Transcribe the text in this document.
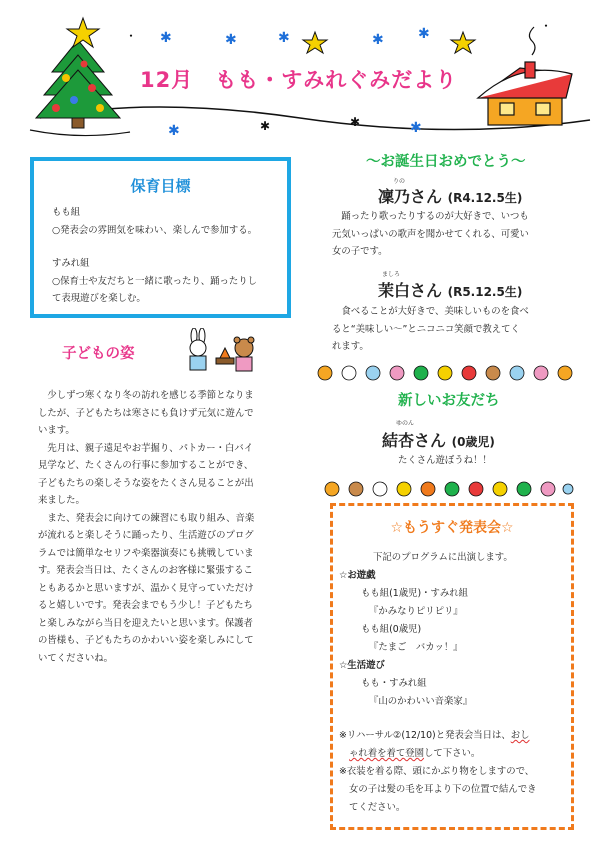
✱	✱	✱	✱ ✱
✱	✱
・
✱	✱
・
12月　もも・すみれぐみだより
保育目標
もも組
○発表会の雰囲気を味わい、楽しんで参加する。
すみれ組
○保育士や友だちと一緒に歌ったり、踊ったりし
て表現遊びを楽しむ。
子どもの姿
　少しずつ寒くなり冬の訪れを感じる季節となりま
したが、子どもたちは寒さにも負けず元気に遊んで
います。
　先月は、親子遠足やお芋掘り、パトカー・白バイ
見学など、たくさんの行事に参加することができ、
子どもたちの楽しそうな姿をたくさん見ることが出
来ました。
　また、発表会に向けての練習にも取り組み、音楽
が流れると楽しそうに踊ったり、生活遊びのプログ
ラムでは簡単なセリフや楽器演奏にも挑戦していま
す。発表会当日は、たくさんのお客様に緊張するこ
ともあるかと思いますが、温かく見守っていただけ
ると嬉しいです。発表会までもう少し！子どもたち
と楽しみながら当日を迎えたいと思います。保護者
の皆様も、子どもたちのかわいい姿を楽しみにして
いてくださいね。
～お誕生日おめでとう～
りの
凜乃さん (R4.12.5生)
　踊ったり歌ったりするのが大好きで、いつも
元気いっぱいの歌声を聞かせてくれる、可愛い
女の子です。
ましろ
茉白さん (R5.12.5生)
　食べることが大好きで、美味しいものを食べ
ると“美味しい～”とニコニコ笑顔で教えてく
れます。
新しいお友だち
ゆのん
結杏さん (0歳児)
たくさん遊ぼうね！！
☆もうすぐ発表会☆
下記のプログラムに出演します。
☆お遊戯
もも組(1歳児)・すみれ組
『かみなりピリピリ』
もも組(0歳児)
『たまご　バカッ！』
☆生活遊び
もも・すみれ組
『山のかわいい音楽家』
※リハーサル②(12/10)と発表会当日は、おし
ゃれ着を着て登園して下さい。
※衣装を着る際、頭にかぶり物をしますので、
女の子は髪の毛を耳より下の位置で結んでき
てください。
